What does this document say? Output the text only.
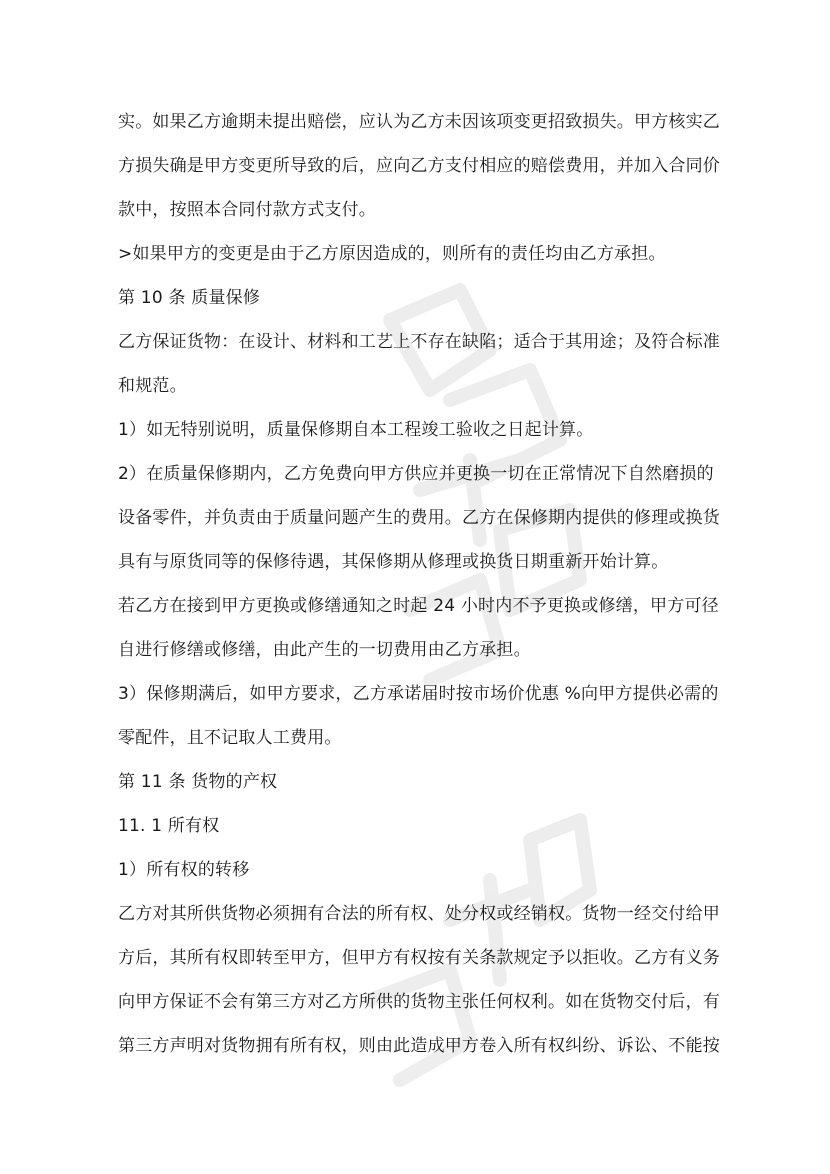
实。如果乙方逾期未提出赔偿，应认为乙方未因该项变更招致损失。甲方核实乙
方损失确是甲方变更所导致的后，应向乙方支付相应的赔偿费用，并加入合同价
款中，按照本合同付款方式支付。
>如果甲方的变更是由于乙方原因造成的，则所有的责任均由乙方承担。
第 10 条 质量保修
乙方保证货物：在设计、材料和工艺上不存在缺陷；适合于其用途；及符合标准
和规范。
1）如无特别说明，质量保修期自本工程竣工验收之日起计算。
2）在质量保修期内，乙方免费向甲方供应并更换一切在正常情况下自然磨损的
设备零件，并负责由于质量问题产生的费用。乙方在保修期内提供的修理或换货
具有与原货同等的保修待遇，其保修期从修理或换货日期重新开始计算。
若乙方在接到甲方更换或修缮通知之时起 24 小时内不予更换或修缮，甲方可径
自进行修缮或修缮，由此产生的一切费用由乙方承担。
3）保修期满后，如甲方要求，乙方承诺届时按市场价优惠 %向甲方提供必需的
零配件，且不记取人工费用。
第 11 条 货物的产权
11. 1 所有权
1）所有权的转移
乙方对其所供货物必须拥有合法的所有权、处分权或经销权。货物一经交付给甲
方后，其所有权即转至甲方，但甲方有权按有关条款规定予以拒收。乙方有义务
向甲方保证不会有第三方对乙方所供的货物主张任何权利。如在货物交付后，有
第三方声明对货物拥有所有权，则由此造成甲方卷入所有权纠纷、诉讼、不能按
